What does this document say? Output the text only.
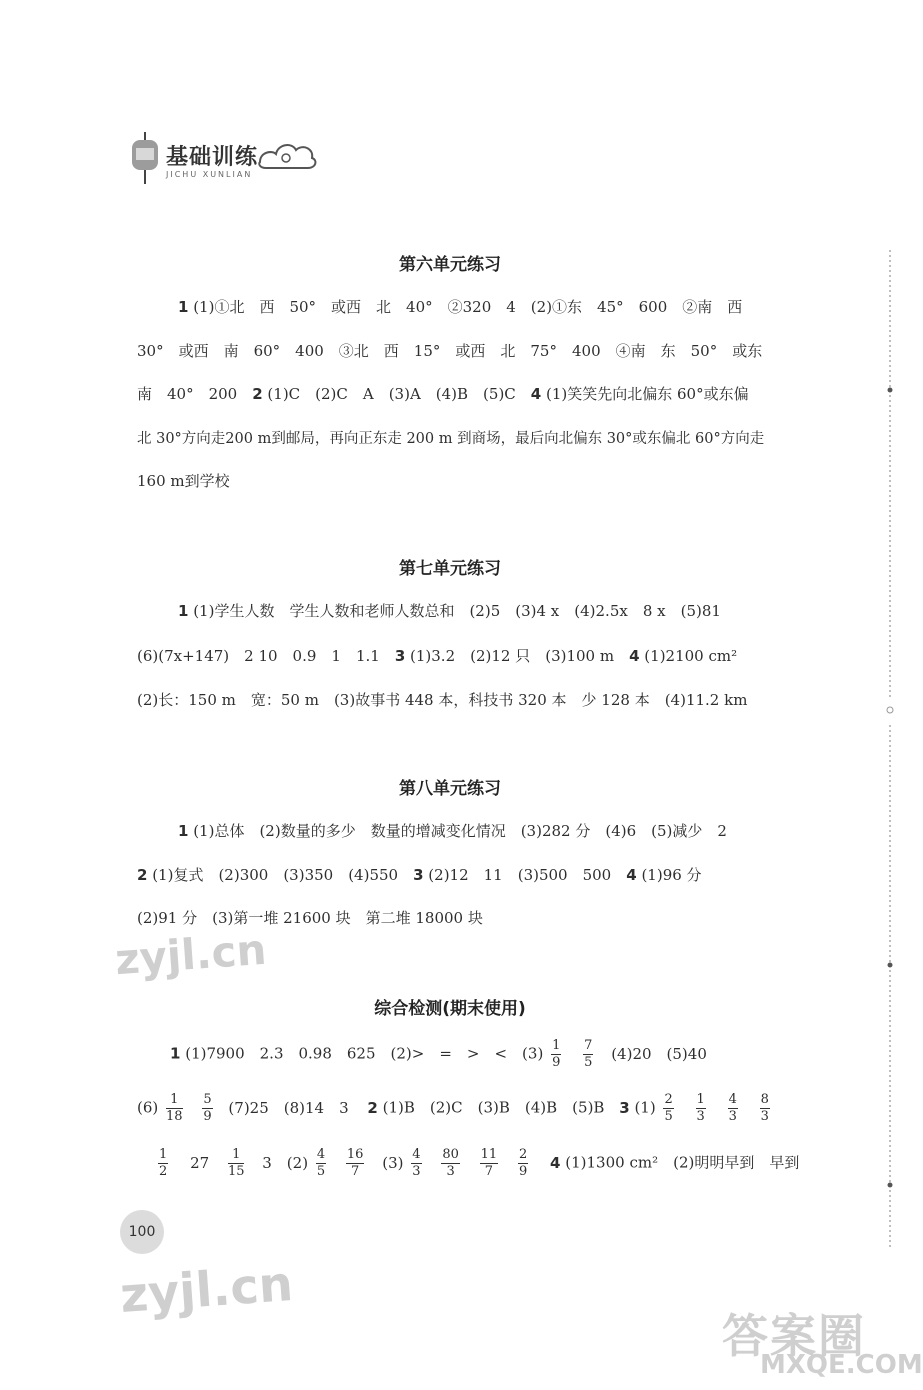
基础训练
JICHU XUNLIAN
第六单元练习
1 (1)①北　西　50°　或西　北　40°　②320　4　(2)①东　45°　600　②南　西
30°　或西　南　60°　400　③北　西　15°　或西　北　75°　400　④南　东　50°　或东
南　40°　200　2 (1)C　(2)C　A　(3)A　(4)B　(5)C　4 (1)笑笑先向北偏东 60°或东偏
北 30°方向走200 m到邮局，再向正东走 200 m 到商场，最后向北偏东 30°或东偏北 60°方向走
160 m到学校
第七单元练习
1 (1)学生人数　学生人数和老师人数总和　(2)5　(3)4 x　(4)2.5x　8 x　(5)81
(6)(7x+147)　2 10　0.9　1　1.1　3 (1)3.2　(2)12 只　(3)100 m　4 (1)2100 cm²
(2)长：150 m　宽：50 m　(3)故事书 448 本，科技书 320 本　少 128 本　(4)11.2 km
第八单元练习
1 (1)总体　(2)数量的多少　数量的增减变化情况　(3)282 分　(4)6　(5)减少　2
2 (1)复式　(2)300　(3)350　(4)550　3 (2)12　11　(3)500　500　4 (1)96 分
(2)91 分　(3)第一堆 21600 块　第二堆 18000 块
综合检测(期末使用)
1 (1)7900　2.3　0.98　625　(2)>　=　>　<　$(3) \frac{1}{9}$
$\frac{7}{5} (4)20$　(5)40
$(6) \frac{1}{18}$
$\frac{5}{9} (7)25$　(8)14　3 2 (1)B　(2)C　(3)B　(4)B　(5)B 3 $(1) \frac{2}{5}$
$\frac{1}{3}$
$\frac{4}{3}$
$\frac{8}{3}$
$\frac{1}{2} 27 \frac{1}{15} 3$　$(2) \frac{4}{5}$
$\frac{16}{7} (3) \frac{4}{3}$
$\frac{80}{3}$
$\frac{11}{7}$
$\frac{2}{9} 4$ (1)1300 cm²　(2)明明早到　早到
100
zyjl.cn
zyjl.cn
答案圈
MXQE.COM
